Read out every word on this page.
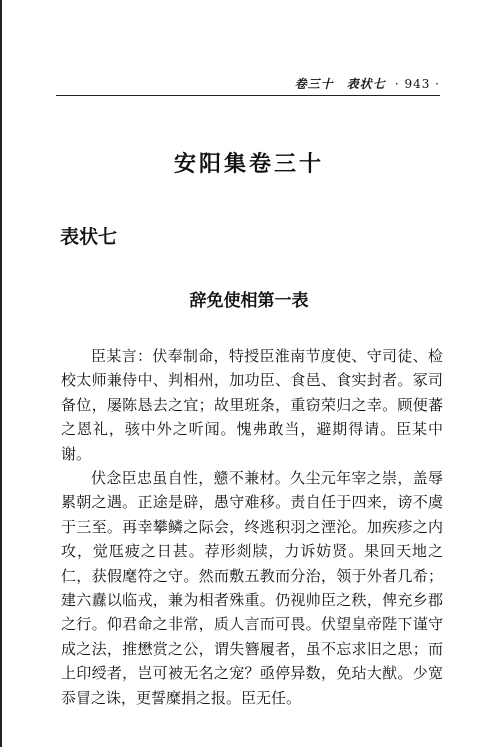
卷三十　表状七 · 943 ·
安阳集卷三十
表状七
辞免使相第一表

臣某言：伏奉制命，特授臣淮南节度使、守司徒、检校太师兼侍中、判相州，加功臣、食邑、食实封者。冢司备位，屡陈恳去之宜；故里班条，重窃荣归之幸。顾便蕃之恩礼，骇中外之听闻。愧弗敢当，避期得请。臣某中谢。

伏念臣忠虽自性，戆不兼材。久尘元年宰之崇，盖辱累朝之遇。正途是辟，愚守难移。责自任于四来，谤不虞于三至。再幸攀鳞之际会，终逃积羽之湮沦。加疾疹之内攻，觉尫疲之日甚。荐形剡牍，力诉妨贤。果回天地之仁，获假麾符之守。然而敷五教而分治，领于外者几希；建六纛以临戎，兼为相者殊重。仍视帅臣之秩，俾充乡郡之行。仰君命之非常，质人言而可畏。伏望皇帝陛下谨守成之法，推懋赏之公，谓失簪履者，虽不忘求旧之思；而上印绶者，岂可被无名之宠？亟停异数，免玷大猷。少宽忝冒之诛，更誓糜捐之报。臣无任。
